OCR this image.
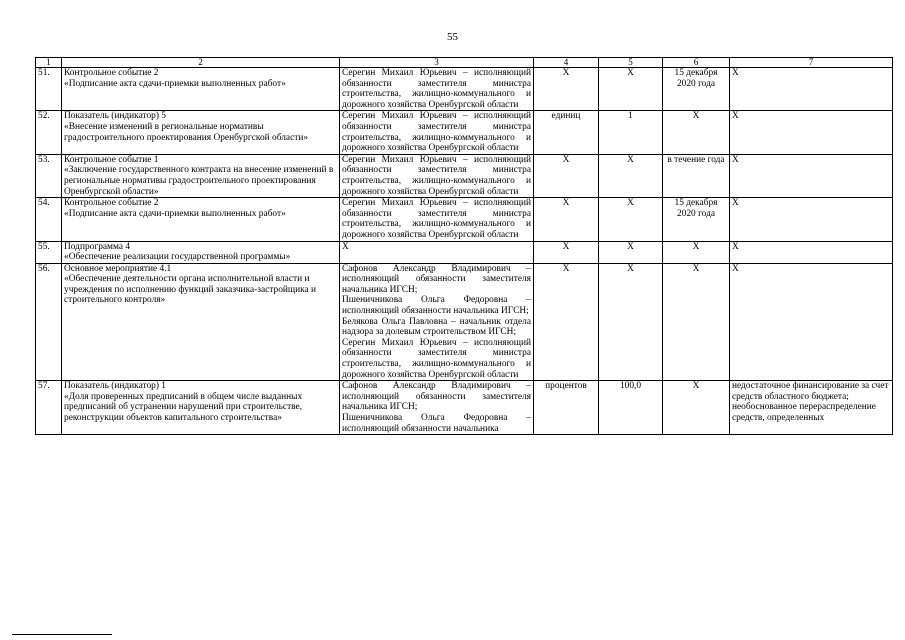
55
1	2	3	4	5	6	7

51.	Контрольное событие 2
«Подписание акта сдачи-приемки выполненных работ»	Серегин Михаил Юрьевич – исполняющий обязанности заместителя министра строительства, жилищно-коммунального и дорожного хозяйства Оренбургской области	X	X	15 декабря 2020 года	X

52.	Показатель (индикатор) 5
«Внесение изменений в региональные нормативы градостроительного проектирования Оренбургской области»	Серегин Михаил Юрьевич – исполняющий обязанности заместителя министра строительства, жилищно-коммунального и дорожного хозяйства Оренбургской области	единиц	1	X	X

53.	Контрольное событие 1
«Заключение государственного контракта на внесение изменений в региональные нормативы градостроительного проектирования Оренбургской области»	Серегин Михаил Юрьевич – исполняющий обязанности заместителя министра строительства, жилищно-коммунального и дорожного хозяйства Оренбургской области	X	X	в течение года	X

54.	Контрольное событие 2
«Подписание акта сдачи-приемки выполненных работ»	Серегин Михаил Юрьевич – исполняющий обязанности заместителя министра строительства, жилищно-коммунального и дорожного хозяйства Оренбургской области	X	X	15 декабря 2020 года	X

55.	Подпрограмма 4
«Обеспечение реализации государственной программы»	X	X	X	X	X

56.	Основное мероприятие 4.1
«Обеспечение деятельности органа исполнительной власти и учреждения по исполнению функций заказчика-застройщика и строительного контроля»	Сафонов Александр Владимирович – исполняющий обязанности заместителя начальника ИГСН;
Пшеничникова Ольга Федоровна – исполняющий обязанности начальника ИГСН;
Белякова Ольга Павловна – начальник отдела надзора за долевым строительством ИГСН;
Серегин Михаил Юрьевич – исполняющий обязанности заместителя министра строительства, жилищно-коммунального и дорожного хозяйства Оренбургской области	X	X	X	X

57.	Показатель (индикатор) 1
«Доля проверенных предписаний в общем числе выданных предписаний об устранении нарушений при строительстве, реконструкции объектов капитального строительства»	Сафонов Александр Владимирович – исполняющий обязанности заместителя начальника ИГСН;
Пшеничникова Ольга Федоровна – исполняющий обязанности начальника	процентов	100,0	X	недостаточное финансирование за счет средств областного бюджета;
необоснованное перераспределение средств, определенных
